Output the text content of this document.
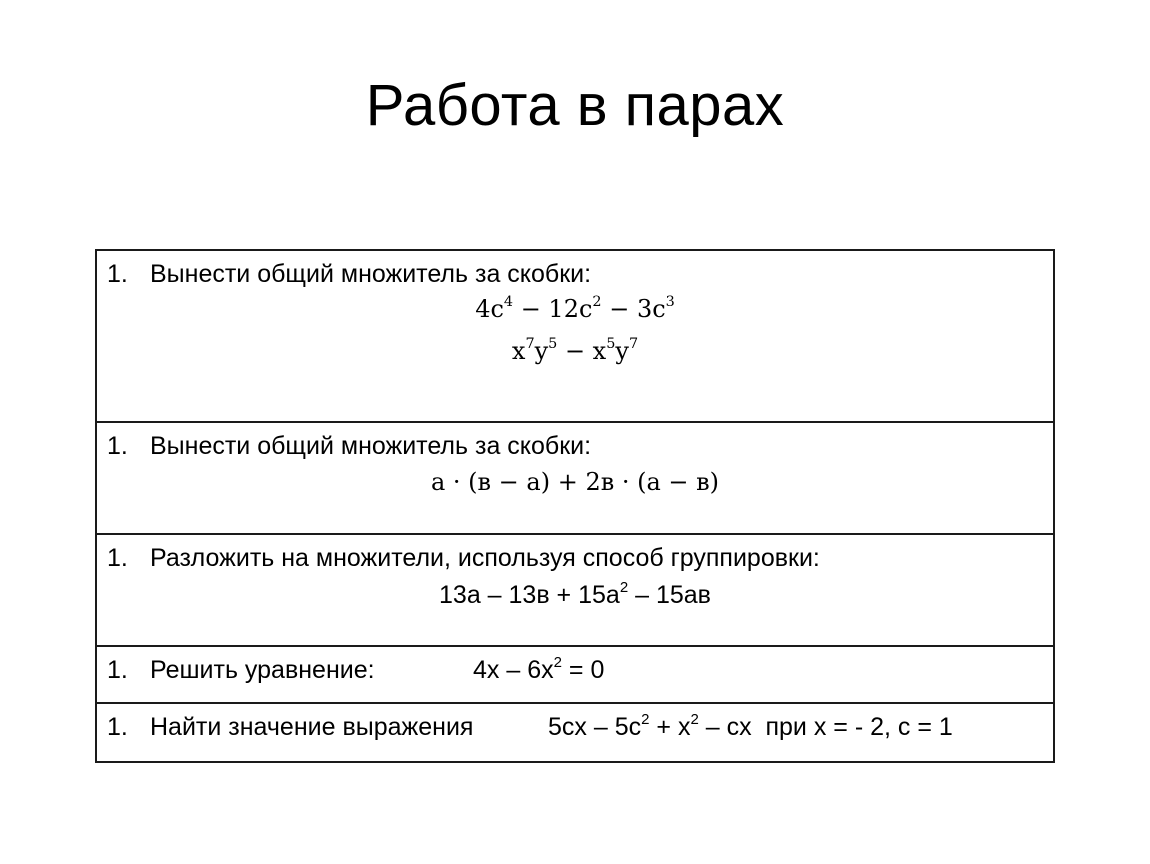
Работа в парах
1. Вынести общий множитель за скобки:
$4c^4 - 12c^2 - 3c^3$
$x^7y^5 - x^5y^7$
1. Вынести общий множитель за скобки:
а · (в − а) + 2в · (а − в)
1. Разложить на множители, используя способ группировки:
$13а - 13в + 15а^2 - 15ав$
1. Решить уравнение:	$4х - 6х^2 = 0$
1. Найти значение выражения	$5сх - 5с^2 + х^2$ – сх  при х = - 2, с = 1
